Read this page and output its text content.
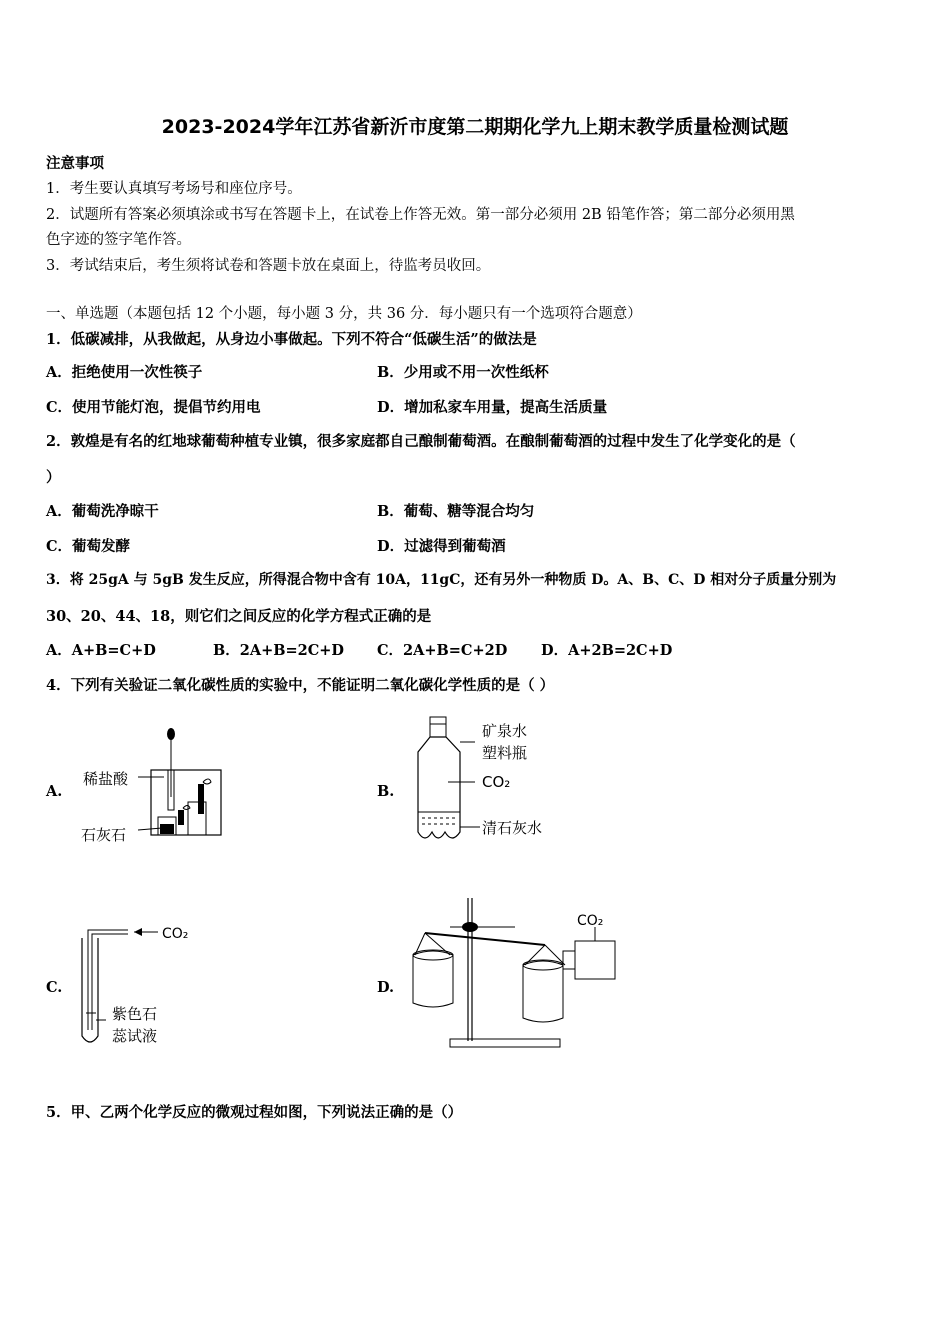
2023-2024学年江苏省新沂市度第二期期化学九上期末教学质量检测试题
注意事项
1．考生要认真填写考场号和座位序号。
2．试题所有答案必须填涂或书写在答题卡上，在试卷上作答无效。第一部分必须用 2B 铅笔作答；第二部分必须用黑
色字迹的签字笔作答。
3．考试结束后，考生须将试卷和答题卡放在桌面上，待监考员收回。
一、单选题（本题包括 12 个小题，每小题 3 分，共 36 分．每小题只有一个选项符合题意）
1．低碳减排，从我做起，从身边小事做起。下列不符合“低碳生活”的做法是
A．拒绝使用一次性筷子	B．少用或不用一次性纸杯
C．使用节能灯泡，提倡节约用电	D．增加私家车用量，提高生活质量
2．敦煌是有名的红地球葡萄种植专业镇，很多家庭都自己酿制葡萄酒。在酿制葡萄酒的过程中发生了化学变化的是（
）
A．葡萄洗净晾干	B．葡萄、糖等混合均匀
C．葡萄发酵	D．过滤得到葡萄酒
3．将 25gA 与 5gB 发生反应，所得混合物中含有 10A，11gC，还有另外一种物质 D。A、B、C、D 相对分子质量分别为
30、20、44、18，则它们之间反应的化学方程式正确的是
A．A+B=C+D	B．2A+B=2C+D C．2A+B=C+2D D．A+2B=2C+D
4．下列有关验证二氧化碳性质的实验中，不能证明二氧化碳化学性质的是（ ）
A.	B.
C.	D.
稀盐酸
石灰石
矿泉水
塑料瓶
CO₂
清石灰水
CO₂
紫色石
蕊试液
CO₂
5．甲、乙两个化学反应的微观过程如图，下列说法正确的是（）
